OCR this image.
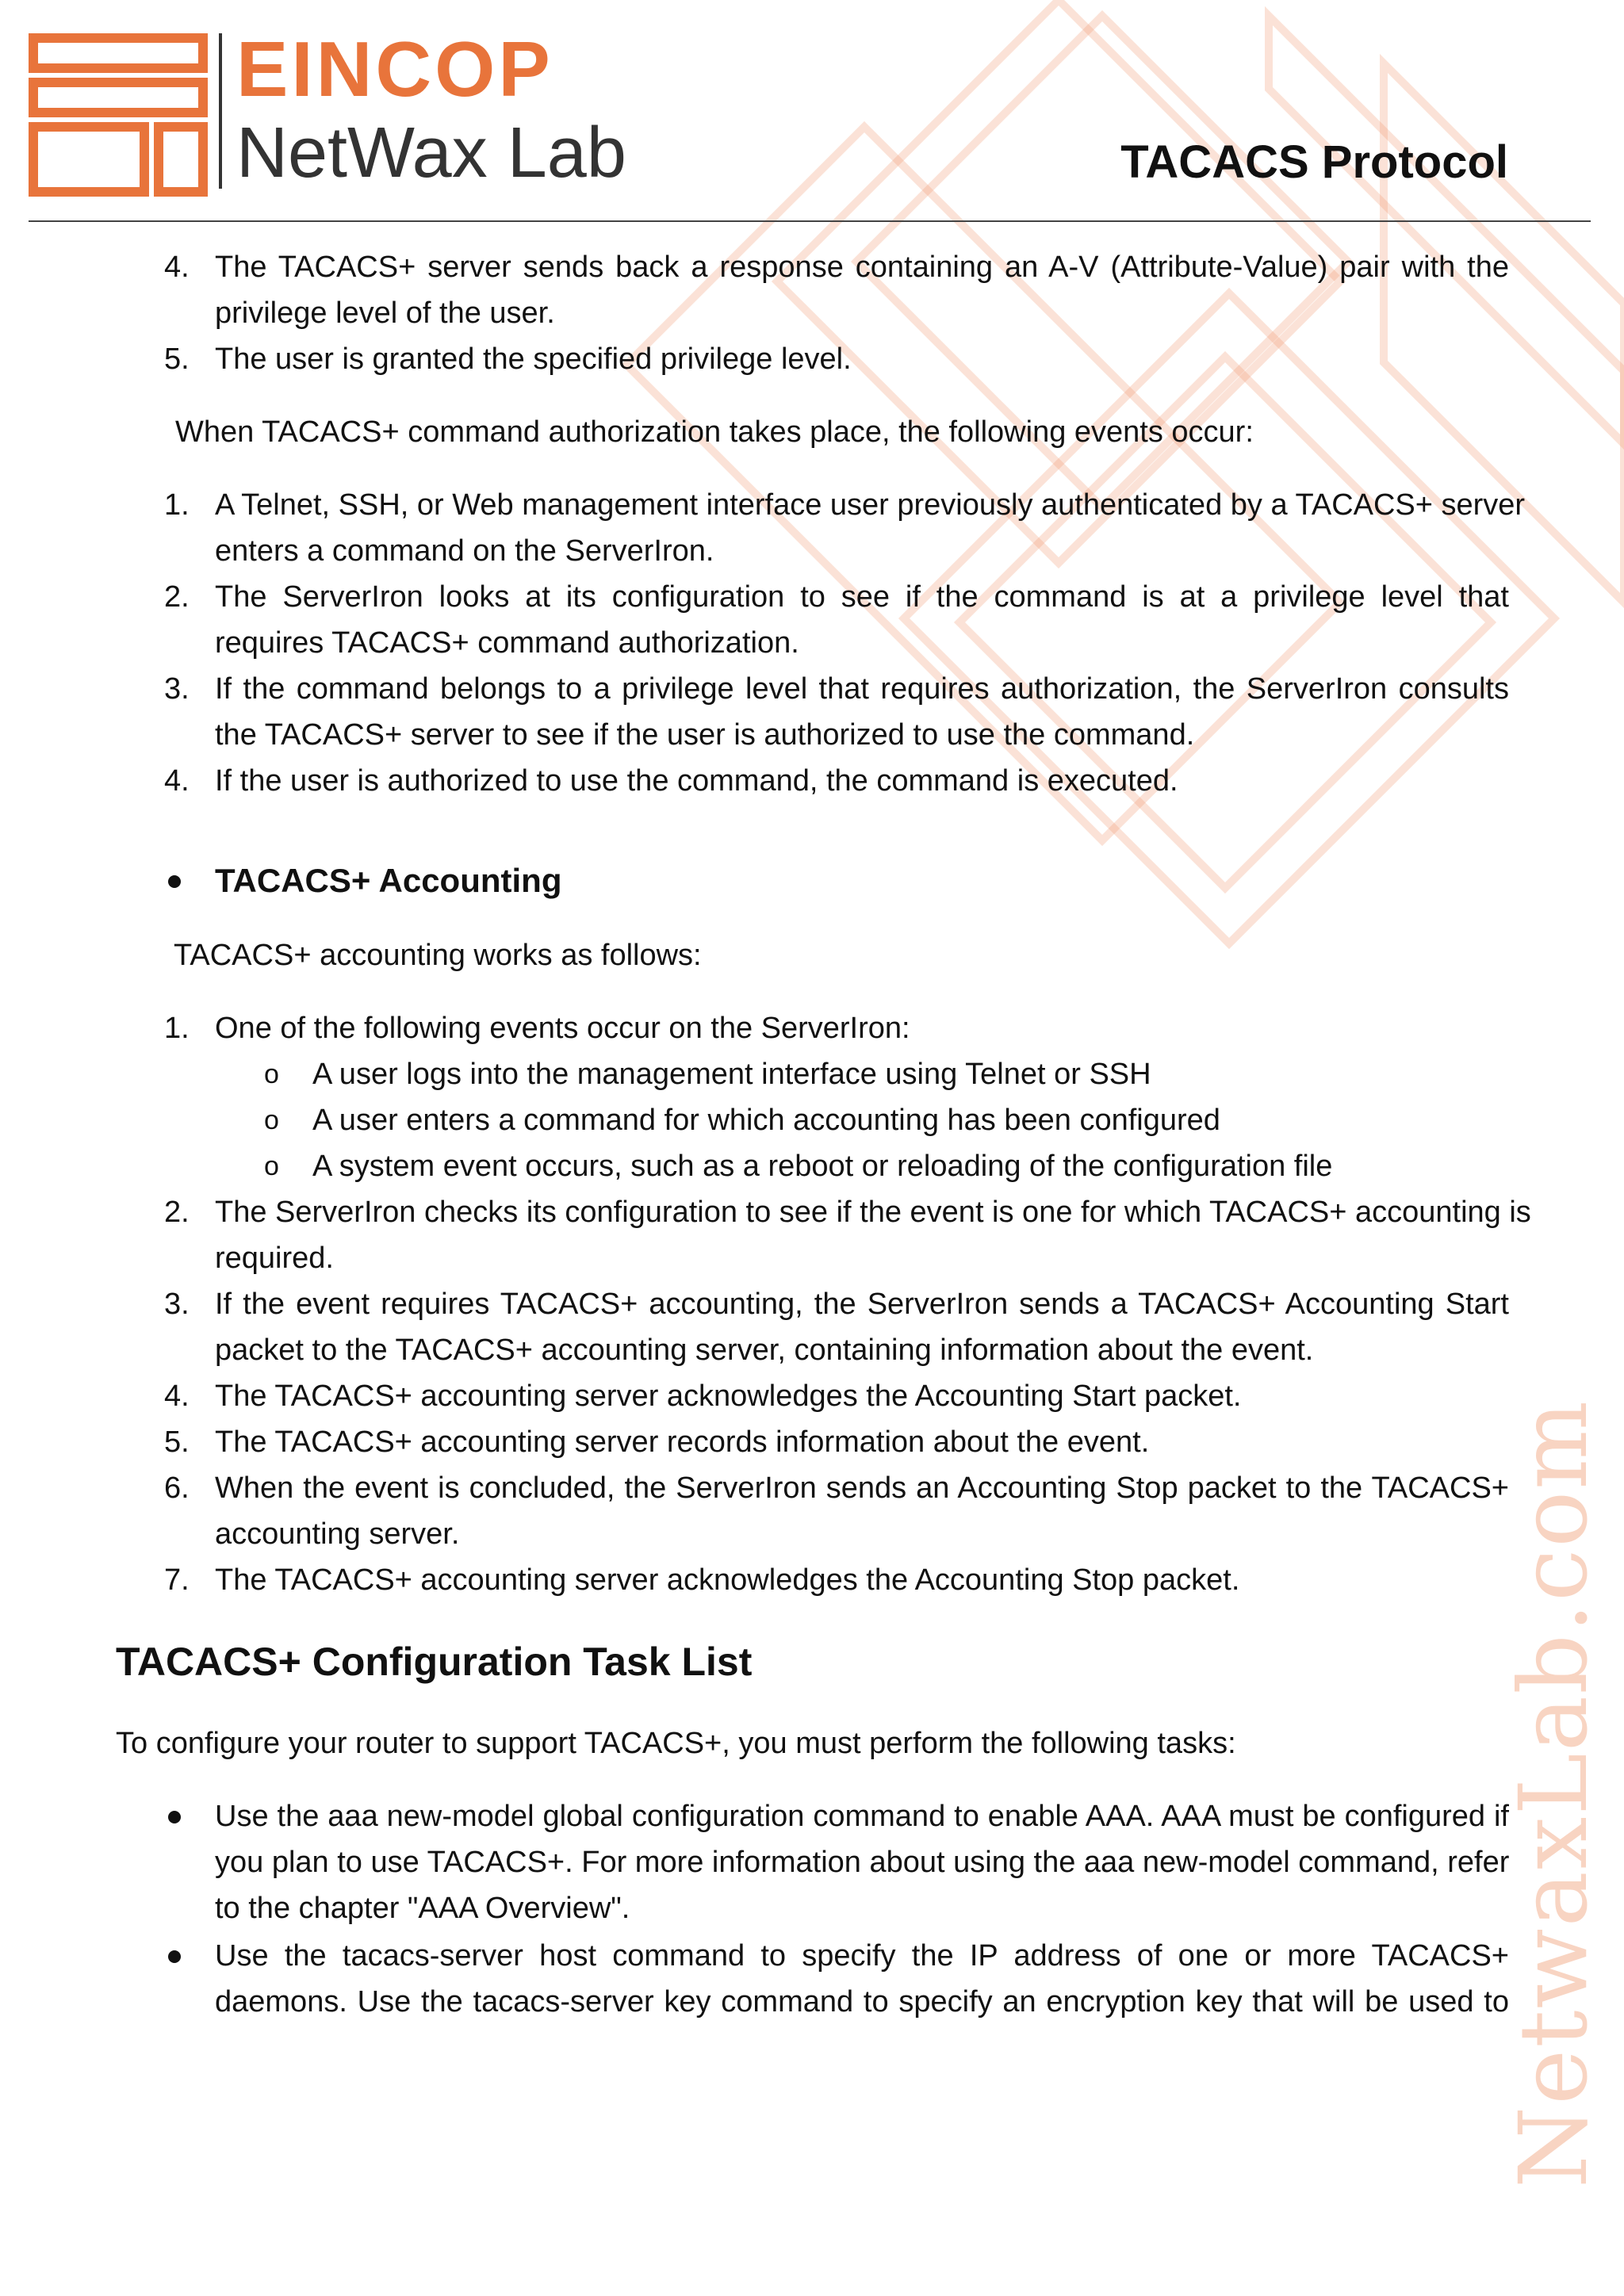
NetwaxLab.com
EINCOP
NetWax Lab	TACACS Protocol
4. The TACACS+ server sends back a response containing an A-V (Attribute-Value) pair with the
privilege level of the user.
5. The user is granted the specified privilege level.
When TACACS+ command authorization takes place, the following events occur:
1. A Telnet, SSH, or Web management interface user previously authenticated by a TACACS+ server
enters a command on the ServerIron.
2. The ServerIron looks at its configuration to see if the command is at a privilege level that
requires TACACS+ command authorization.
3. If the command belongs to a privilege level that requires authorization, the ServerIron consults
the TACACS+ server to see if the user is authorized to use the command.
4. If the user is authorized to use the command, the command is executed.
TACACS+ Accounting
TACACS+ accounting works as follows:
1. One of the following events occur on the ServerIron:
o A user logs into the management interface using Telnet or SSH
o A user enters a command for which accounting has been configured
o A system event occurs, such as a reboot or reloading of the configuration file
2. The ServerIron checks its configuration to see if the event is one for which TACACS+ accounting is
required.
3. If the event requires TACACS+ accounting, the ServerIron sends a TACACS+ Accounting Start
packet to the TACACS+ accounting server, containing information about the event.
4. The TACACS+ accounting server acknowledges the Accounting Start packet.
5. The TACACS+ accounting server records information about the event.
6. When the event is concluded, the ServerIron sends an Accounting Stop packet to the TACACS+
accounting server.
7. The TACACS+ accounting server acknowledges the Accounting Stop packet.
TACACS+ Configuration Task List
To configure your router to support TACACS+, you must perform the following tasks:
Use the aaa new-model global configuration command to enable AAA. AAA must be configured if
you plan to use TACACS+. For more information about using the aaa new-model command, refer
to the chapter "AAA Overview".
Use the tacacs-server host command to specify the IP address of one or more TACACS+
daemons. Use the tacacs-server key command to specify an encryption key that will be used to
